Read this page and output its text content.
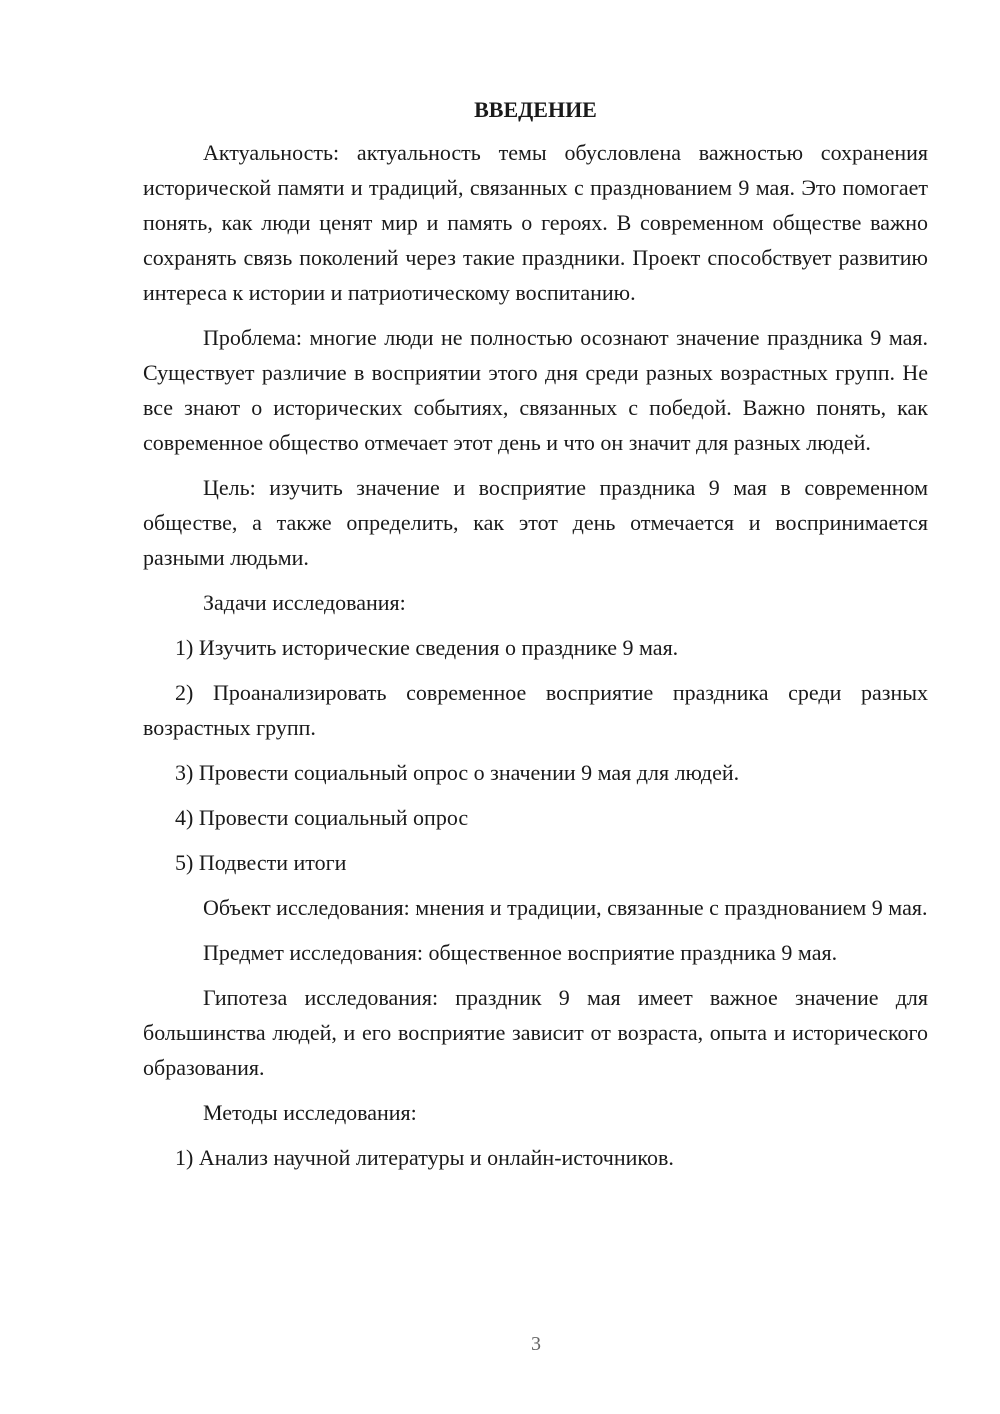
ВВЕДЕНИЕ
Актуальность: актуальность темы обусловлена важностью сохранения исторической памяти и традиций, связанных с празднованием 9 мая. Это помогает понять, как люди ценят мир и память о героях. В современном обществе важно сохранять связь поколений через такие праздники. Проект способствует развитию интереса к истории и патриотическому воспитанию.
Проблема: многие люди не полностью осознают значение праздника 9 мая. Существует различие в восприятии этого дня среди разных возрастных групп. Не все знают о исторических событиях, связанных с победой. Важно понять, как современное общество отмечает этот день и что он значит для разных людей.
Цель: изучить значение и восприятие праздника 9 мая в современном обществе, а также определить, как этот день отмечается и воспринимается разными людьми.
Задачи исследования:
1) Изучить исторические сведения о празднике 9 мая.
2) Проанализировать современное восприятие праздника среди разных возрастных групп.
3) Провести социальный опрос о значении 9 мая для людей.
4) Провести социальный опрос
5) Подвести итоги
Объект исследования: мнения и традиции, связанные с празднованием 9 мая.
Предмет исследования: общественное восприятие праздника 9 мая.
Гипотеза исследования: праздник 9 мая имеет важное значение для большинства людей, и его восприятие зависит от возраста, опыта и исторического образования.
Методы исследования:
1) Анализ научной литературы и онлайн-источников.
3
